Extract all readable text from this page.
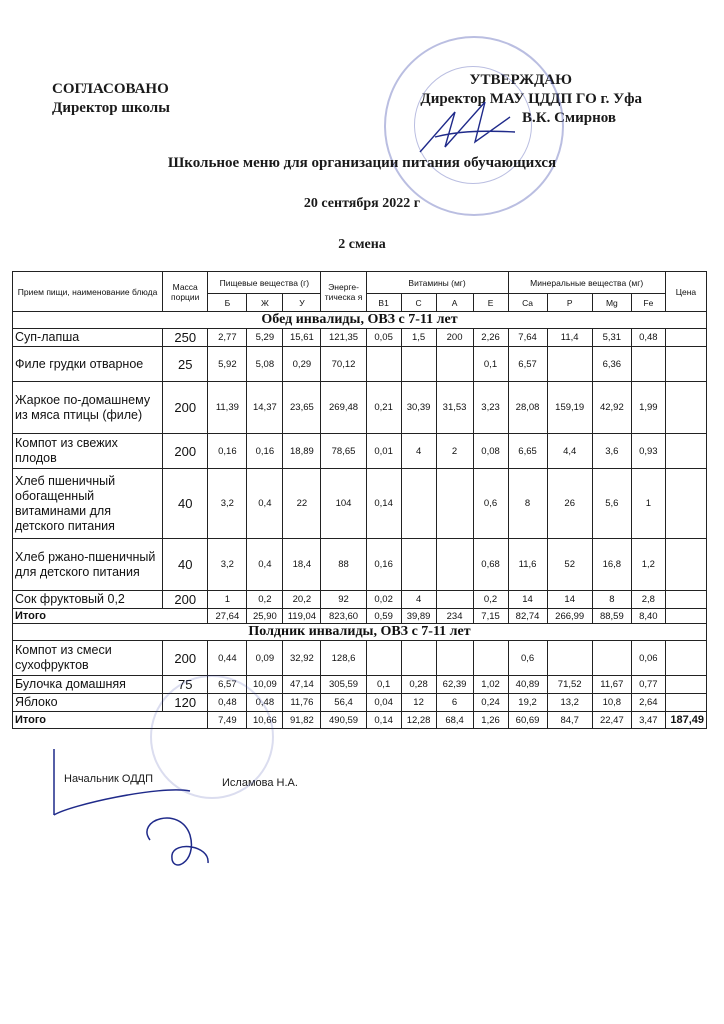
СОГЛАСОВАНО
Директор школы
УТВЕРЖДАЮ
Директор МАУ ЦДДП ГО г. Уфа
В.К. Смирнов
Школьное меню для организации питания обучающихся
20 сентября 2022 г
2 смена
Прием пищи, наименование блюда	Масса порции	Пищевые вещества (г)			Энерге-тическа я	Витамины (мг)				Минеральные вещества (мг)				Цена
		Б	Ж	У		B1	C	A	E	Ca	P	Mg	Fe	
Обед инвалиды, ОВЗ с 7-11 лет														
Суп-лапша	250	2,77	5,29	15,61	121,35	0,05	1,5	200	2,26	7,64	11,4	5,31	0,48	
Филе грудки отварное	25	5,92	5,08	0,29	70,12				0,1	6,57		6,36		
Жаркое по-домашнему из мяса птицы (филе)	200	11,39	14,37	23,65	269,48	0,21	30,39	31,53	3,23	28,08	159,19	42,92	1,99	
Компот из свежих плодов	200	0,16	0,16	18,89	78,65	0,01	4	2	0,08	6,65	4,4	3,6	0,93	
Хлеб пшеничный обогащенный витаминами для детского питания	40	3,2	0,4	22	104	0,14			0,6	8	26	5,6	1	
Хлеб ржано-пшеничный для детского питания	40	3,2	0,4	18,4	88	0,16			0,68	11,6	52	16,8	1,2	
Сок фруктовый 0,2	200	1	0,2	20,2	92	0,02	4		0,2	14	14	8	2,8	
Итого		27,64	25,90	119,04	823,60	0,59	39,89	234	7,15	82,74	266,99	88,59	8,40	
Полдник инвалиды, ОВЗ с 7-11 лет														
Компот из смеси сухофруктов	200	0,44	0,09	32,92	128,6					0,6			0,06	
Булочка домашняя	75	6,57	10,09	47,14	305,59	0,1	0,28	62,39	1,02	40,89	71,52	11,67	0,77	
Яблоко	120	0,48	0,48	11,76	56,4	0,04	12	6	0,24	19,2	13,2	10,8	2,64	
Итого		7,49	10,66	91,82	490,59	0,14	12,28	68,4	1,26	60,69	84,7	22,47	3,47	187,49
Начальник ОДДП	Исламова Н.А.
